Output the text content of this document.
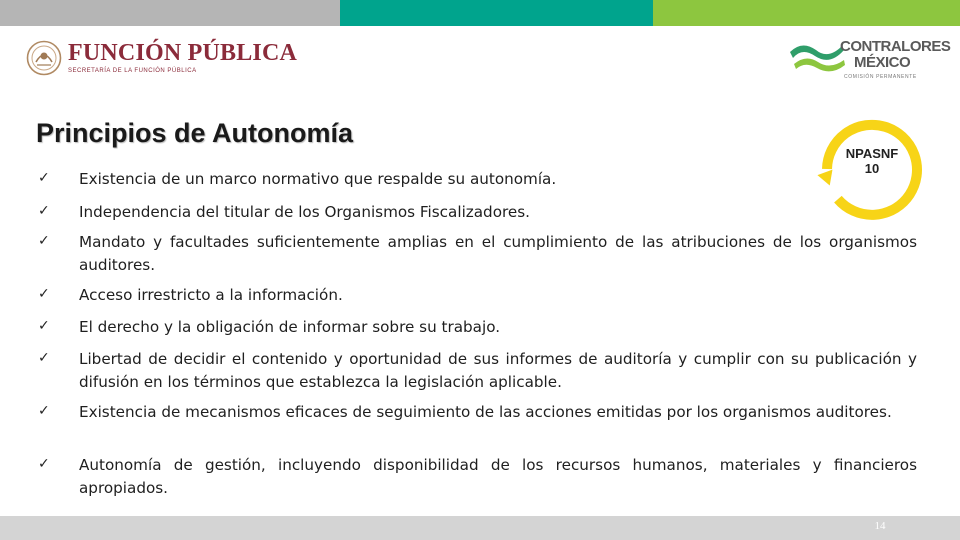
FUNCIÓN PÚBLICA
SECRETARÍA DE LA FUNCIÓN PÚBLICA
CONTRALORES
MÉXICO
COMISIÓN PERMANENTE
Principios de Autonomía
NPASNF
10
✓ Existencia de un marco normativo que respalde su autonomía.
✓ Independencia del titular de los Organismos Fiscalizadores.
✓ Mandato y facultades suficientemente amplias en el cumplimiento de las atribuciones de los organismos auditores.
✓ Acceso irrestricto a la información.
✓ El derecho y la obligación de informar sobre su trabajo.
✓ Libertad de decidir el contenido y oportunidad de sus informes de auditoría y cumplir con su publicación y difusión en los términos que establezca la legislación aplicable.
✓ Existencia de mecanismos eficaces de seguimiento de las acciones emitidas por los organismos auditores.
✓ Autonomía de gestión, incluyendo disponibilidad de los recursos humanos, materiales y financieros apropiados.
14
